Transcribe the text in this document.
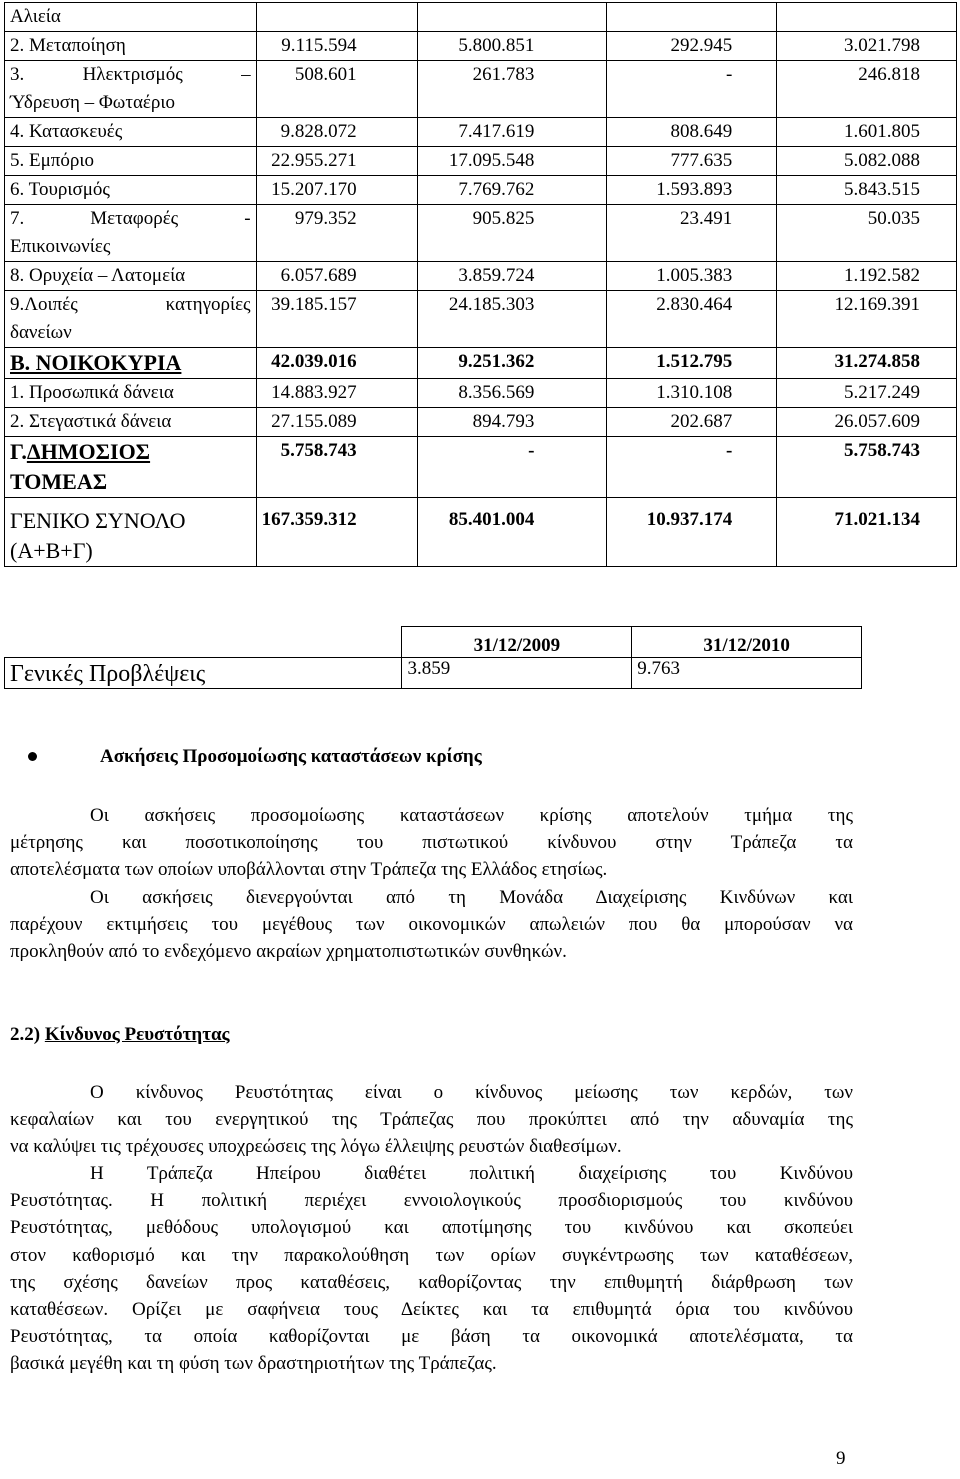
Αλιεία				
2. Μεταποίηση	9.115.594	5.800.851	292.945	3.021.798

3. Ηλεκτρισμός –
Ύδρευση – Φωταέριο	508.601	261.783	-	246.818
4. Κατασκευές	9.828.072	7.417.619	808.649	1.601.805
5. Εμπόριο	22.955.271	17.095.548	777.635	5.082.088
6. Τουρισμός	15.207.170	7.769.762	1.593.893	5.843.515

7. Μεταφορές -
Επικοινωνίες	979.352	905.825	23.491	50.035
8. Ορυχεία – Λατομεία	6.057.689	3.859.724	1.005.383	1.192.582

9.Λοιπές κατηγορίες
δανείων	39.185.157	24.185.303	2.830.464	12.169.391
Β. ΝΟΙΚΟΚΥΡΙΑ	42.039.016	9.251.362	1.512.795	31.274.858
1. Προσωπικά δάνεια	14.883.927	8.356.569	1.310.108	5.217.249
2. Στεγαστικά δάνεια	27.155.089	894.793	202.687	26.057.609

Γ.ΔΗΜΟΣΙΟΣ
ΤΟΜΕΑΣ	5.758.743	-	-	5.758.743

ΓΕΝΙΚΟ ΣΥΝΟΛΟ
(Α+Β+Γ)	167.359.312	85.401.004	10.937.174	71.021.134
	31/12/2009	31/12/2010
Γενικές Προβλέψεις	3.859	9.763
Ασκήσεις Προσομοίωσης καταστάσεων κρίσης
Οι ασκήσεις προσομοίωσης καταστάσεων κρίσης αποτελούν τμήμα της
μέτρησης και ποσοτικοποίησης του πιστωτικού κίνδυνου στην Τράπεζα τα
αποτελέσματα των οποίων υποβάλλονται στην Τράπεζα της Ελλάδος ετησίως.
Οι ασκήσεις διενεργούνται από τη Μονάδα Διαχείρισης Κινδύνων και
παρέχουν εκτιμήσεις του μεγέθους των οικονομικών απωλειών που θα μπορούσαν να
προκληθούν από το ενδεχόμενο ακραίων χρηματοπιστωτικών συνθηκών.
2.2) Κίνδυνος Ρευστότητας
Ο κίνδυνος Ρευστότητας είναι ο κίνδυνος μείωσης των κερδών, των
κεφαλαίων και του ενεργητικού της Τράπεζας που προκύπτει από την αδυναμία της
να καλύψει τις τρέχουσες υποχρεώσεις της λόγω έλλειψης ρευστών διαθεσίμων.
Η Τράπεζα Ηπείρου διαθέτει πολιτική διαχείρισης του Κινδύνου
Ρευστότητας. Η πολιτική περιέχει εννοιολογικούς προσδιορισμούς του κινδύνου
Ρευστότητας, μεθόδους υπολογισμού και αποτίμησης του κινδύνου και σκοπεύει
στον καθορισμό και την παρακολούθηση των ορίων συγκέντρωσης των καταθέσεων,
της σχέσης δανείων προς καταθέσεις, καθορίζοντας την επιθυμητή διάρθρωση των
καταθέσεων. Ορίζει με σαφήνεια τους Δείκτες και τα επιθυμητά όρια του κινδύνου
Ρευστότητας, τα οποία καθορίζονται με βάση τα οικονομικά αποτελέσματα, τα
βασικά μεγέθη και τη φύση των δραστηριοτήτων της Τράπεζας.
9
